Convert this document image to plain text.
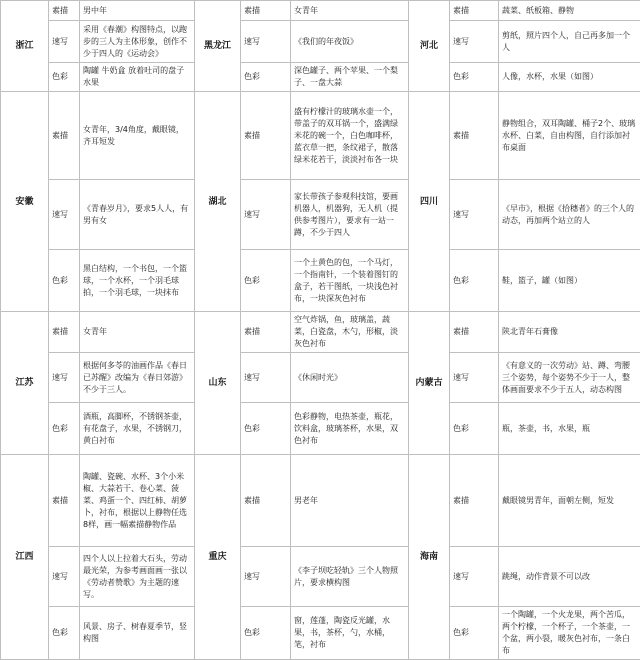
浙江	素描	男中年	黑龙江	素描	女青年	河北	素描	蔬菜、纸板箱、静物
	速写	采用《春潮》构图特点，以跑步的三人为主体形象，创作不少于四人的《运动会》		速写	《我们的年夜饭》		速写	剪纸，照片四个人，自己再多加一个人
	色彩	陶罐 牛奶盒 放着吐司的盘子 水果		色彩	深色罐子、两个苹果、一个梨子、一盘大蒜		色彩	人像，水杯，水果（如图）
安徽	素描	女青年，3/4角度，戴眼镜，齐耳短发	湖北	素描	盛有柠檬汁的玻璃水壶一个，带盖子的双耳锅一个，盛满绿米花的碗一个，白色咖啡杯，蓝衣草一把，条纹裙子，散落绿米花若干，淡淡衬布各一块	四川	素描	静物组合，双耳陶罐、桶子2个、玻璃水杯、白菜，自由构图，自行添加衬布桌面
	速写	《青春岁月》，要求5人人，有男有女		速写	家长带孩子参观科技馆，要画机器人，机器狗，无人机（提供参考图片），要求有一站一蹲，不少于四人		速写	《早市》，根据《拾穗者》的三个人的动态，再加两个站立的人
	色彩	黑白结构，一个书包，一个篮球，一个水杯，一个羽毛球拍，一个羽毛球，一块抹布		色彩	一个土黄色的包，一个马灯，一个指南针，一个装着图钉的盒子，若干图纸，一块浅色衬布，一块深灰色衬布		色彩	鞋，篮子，罐（如图）
江苏	素描	女青年	山东	素描	空气炸锅，鱼，玻璃盖，蔬菜，白瓷盘，木勺，形椒，淡灰色衬布	内蒙古	素描	陕北青年石膏像
	速写	根据何多苓的油画作品《春日已苏醒》改编为《春日郊游》不少于三人。		速写	《休闲时光》		速写	《有意义的一次劳动》站、蹲、弯腰三个姿势，每个姿势不少于一人，整体画面要求不少于五人，动态构图
	色彩	酒瓶，高脚杯，不锈钢茶壶，有花盘子，水果，不锈钢刀，黄白衬布		色彩	色彩静物，电热茶壶，瓶花，饮料盒，玻璃茶杯，水果，双色衬布		色彩	瓶，茶壶，书，水果，瓶
江西	素描	陶罐、瓷碗、水杯、3个小米椒、大蒜若干、卷心菜、菠菜、鸡蛋一个、四红柿、胡萝卜，衬布，根据以上静物任选8样，画一幅素描静物作品	重庆	素描	男老年	海南	素描	戴眼镜男青年，面朝左侧，短发
	速写	四个人以上拉着大石头，劳动最光荣，为参考画面画一张以《劳动者赞歌》为主题的速写。		速写	《李子坝吃轻轨》三个人物照片，要求横构图		速写	跳绳，动作背景不可以改
	色彩	风景、房子、树春夏季节，竖构图		色彩	窗，莲蓬，陶瓷反光罐，水果，书，茶杯，勺，水桶，笔，衬布		色彩	一个陶罐，一个火龙果，两个苦瓜，两个柠檬，一个杯子，一个茶壶，一个盆，两小裂，暖灰色衬布，一条白布
